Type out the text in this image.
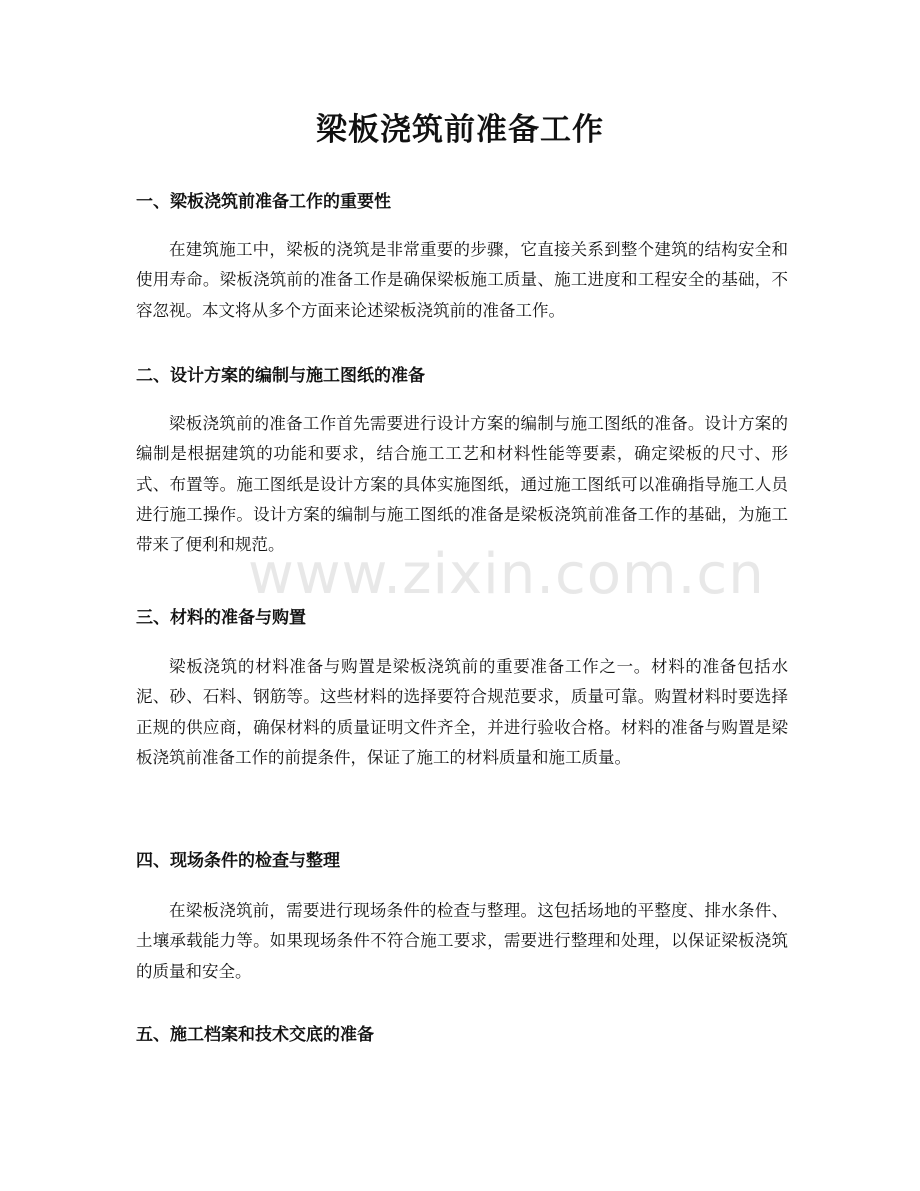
梁板浇筑前准备工作
一、梁板浇筑前准备工作的重要性

在建筑施工中，梁板的浇筑是非常重要的步骤，它直接关系到整个建筑的结构安全和使用寿命。梁板浇筑前的准备工作是确保梁板施工质量、施工进度和工程安全的基础，不容忽视。本文将从多个方面来论述梁板浇筑前的准备工作。

二、设计方案的编制与施工图纸的准备

梁板浇筑前的准备工作首先需要进行设计方案的编制与施工图纸的准备。设计方案的编制是根据建筑的功能和要求，结合施工工艺和材料性能等要素，确定梁板的尺寸、形式、布置等。施工图纸是设计方案的具体实施图纸，通过施工图纸可以准确指导施工人员进行施工操作。设计方案的编制与施工图纸的准备是梁板浇筑前准备工作的基础，为施工带来了便利和规范。

三、材料的准备与购置

梁板浇筑的材料准备与购置是梁板浇筑前的重要准备工作之一。材料的准备包括水泥、砂、石料、钢筋等。这些材料的选择要符合规范要求，质量可靠。购置材料时要选择正规的供应商，确保材料的质量证明文件齐全，并进行验收合格。材料的准备与购置是梁板浇筑前准备工作的前提条件，保证了施工的材料质量和施工质量。

四、现场条件的检查与整理

在梁板浇筑前，需要进行现场条件的检查与整理。这包括场地的平整度、排水条件、土壤承载能力等。如果现场条件不符合施工要求，需要进行整理和处理，以保证梁板浇筑的质量和安全。

五、施工档案和技术交底的准备
www.zixin.com.cn
